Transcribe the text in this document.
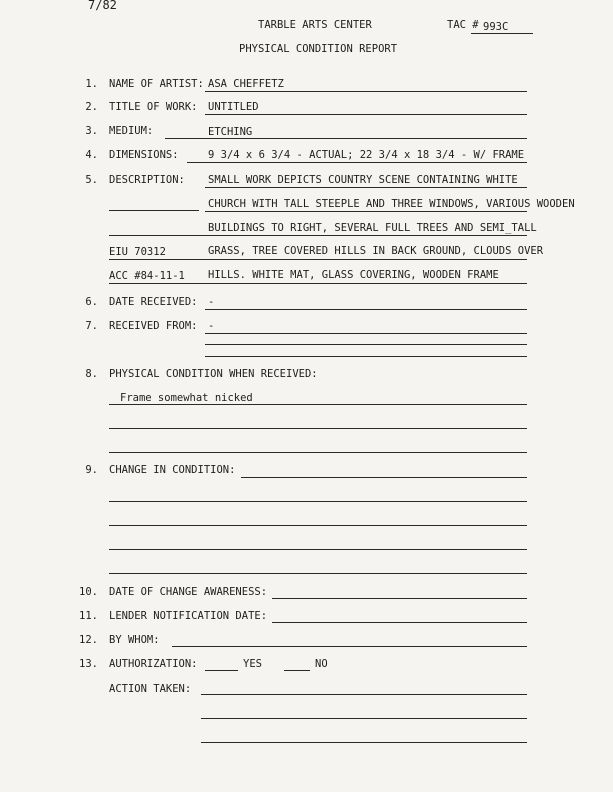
7/82
TARBLE ARTS CENTER	TAC # 993C
PHYSICAL CONDITION REPORT
1. NAME OF ARTIST: ASA CHEFFETZ
2. TITLE OF WORK: UNTITLED
3. MEDIUM:	ETCHING
4. DIMENSIONS:	9 3/4 x 6 3/4 - ACTUAL; 22 3/4 x 18 3/4 - W/ FRAME
5. DESCRIPTION: SMALL WORK DEPICTS COUNTRY SCENE CONTAINING WHITE
CHURCH WITH TALL STEEPLE AND THREE WINDOWS, VARIOUS WOODEN
BUILDINGS TO RIGHT, SEVERAL FULL TREES AND SEMI_TALL
EIU 70312	GRASS, TREE COVERED HILLS IN BACK GROUND, CLOUDS OVER
ACC #84-11-1 HILLS. WHITE MAT, GLASS COVERING, WOODEN FRAME
6. DATE RECEIVED: -
7. RECEIVED FROM: -
8. PHYSICAL CONDITION WHEN RECEIVED:
Frame somewhat nicked
9. CHANGE IN CONDITION:
10. DATE OF CHANGE AWARENESS:
11. LENDER NOTIFICATION DATE:
12. BY WHOM:
13. AUTHORIZATION:	YES	NO
ACTION TAKEN:
